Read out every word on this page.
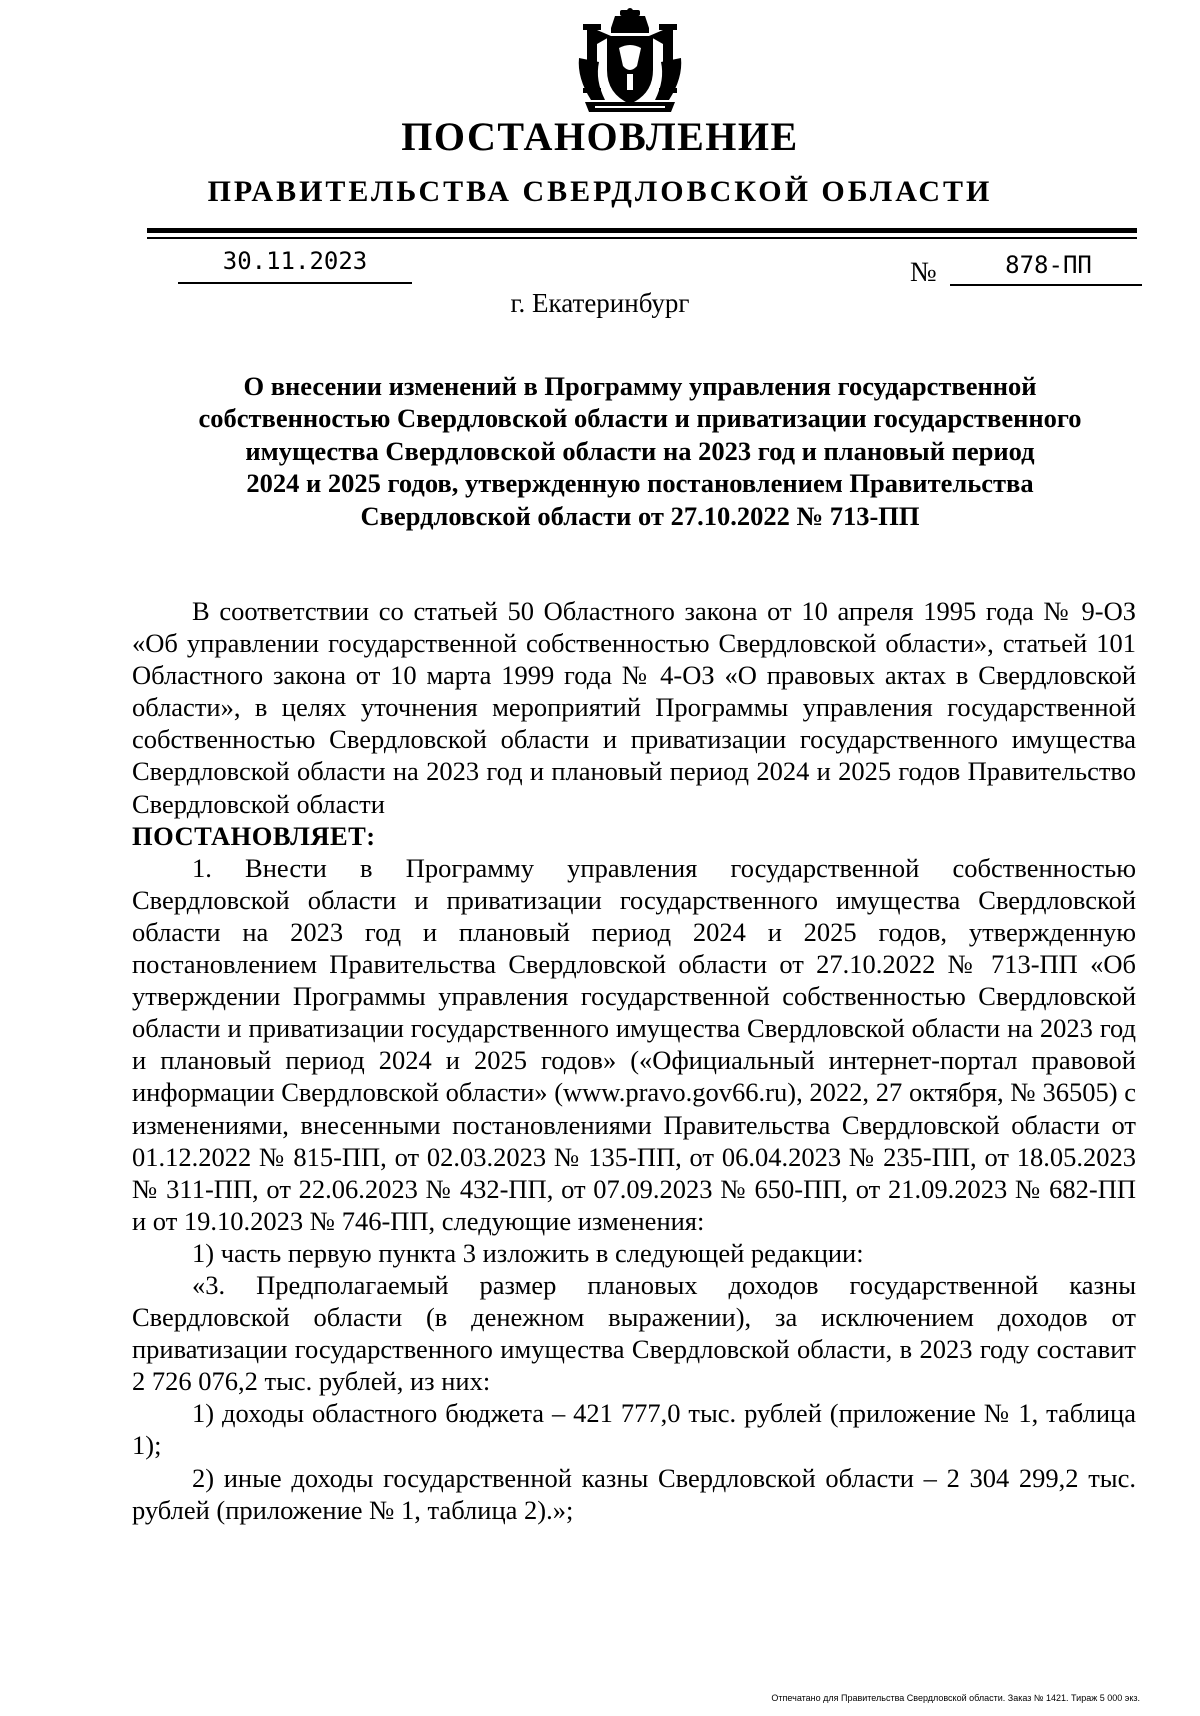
ПОСТАНОВЛЕНИЕ
ПРАВИТЕЛЬСТВА СВЕРДЛОВСКОЙ ОБЛАСТИ
30.11.2023	№	878-ПП
г. Екатеринбург
О внесении изменений в Программу управления государственной
собственностью Свердловской области и приватизации государственного
имущества Свердловской области на 2023 год и плановый период
2024 и 2025 годов, утвержденную постановлением Правительства
Свердловской области от 27.10.2022 № 713-ПП

В соответствии со статьей 50 Областного закона от 10 апреля 1995 года № 9-ОЗ «Об управлении государственной собственностью Свердловской области», статьей 101 Областного закона от 10 марта 1999 года № 4-ОЗ «О правовых актах в Свердловской области», в целях уточнения мероприятий Программы управления государственной собственностью Свердловской области и приватизации государственного имущества Свердловской области на 2023 год и плановый период 2024 и 2025 годов Правительство Свердловской области

ПОСТАНОВЛЯЕТ:

1. Внести в Программу управления государственной собственностью Свердловской области и приватизации государственного имущества Свердловской области на 2023 год и плановый период 2024 и 2025 годов, утвержденную постановлением Правительства Свердловской области от 27.10.2022 № 713-ПП «Об утверждении Программы управления государственной собственностью Свердловской области и приватизации государственного имущества Свердловской области на 2023 год и плановый период 2024 и 2025 годов» («Официальный интернет-портал правовой информации Свердловской области» (www.pravo.gov66.ru), 2022, 27 октября, № 36505) с изменениями, внесенными постановлениями Правительства Свердловской области от 01.12.2022 № 815-ПП, от 02.03.2023 № 135-ПП, от 06.04.2023 № 235-ПП, от 18.05.2023 № 311-ПП, от 22.06.2023 № 432-ПП, от 07.09.2023 № 650-ПП, от 21.09.2023 № 682-ПП и от 19.10.2023 № 746-ПП, следующие изменения:

1) часть первую пункта 3 изложить в следующей редакции:

«3. Предполагаемый размер плановых доходов государственной казны Свердловской области (в денежном выражении), за исключением доходов от приватизации государственного имущества Свердловской области, в 2023 году составит 2 726 076,2 тыс. рублей, из них:

1) доходы областного бюджета – 421 777,0 тыс. рублей (приложение № 1, таблица 1);

2) иные доходы государственной казны Свердловской области – 2 304 299,2 тыс. рублей (приложение № 1, таблица 2).»;

Отпечатано для Правительства Свердловской области. Заказ № 1421. Тираж 5 000 экз.
